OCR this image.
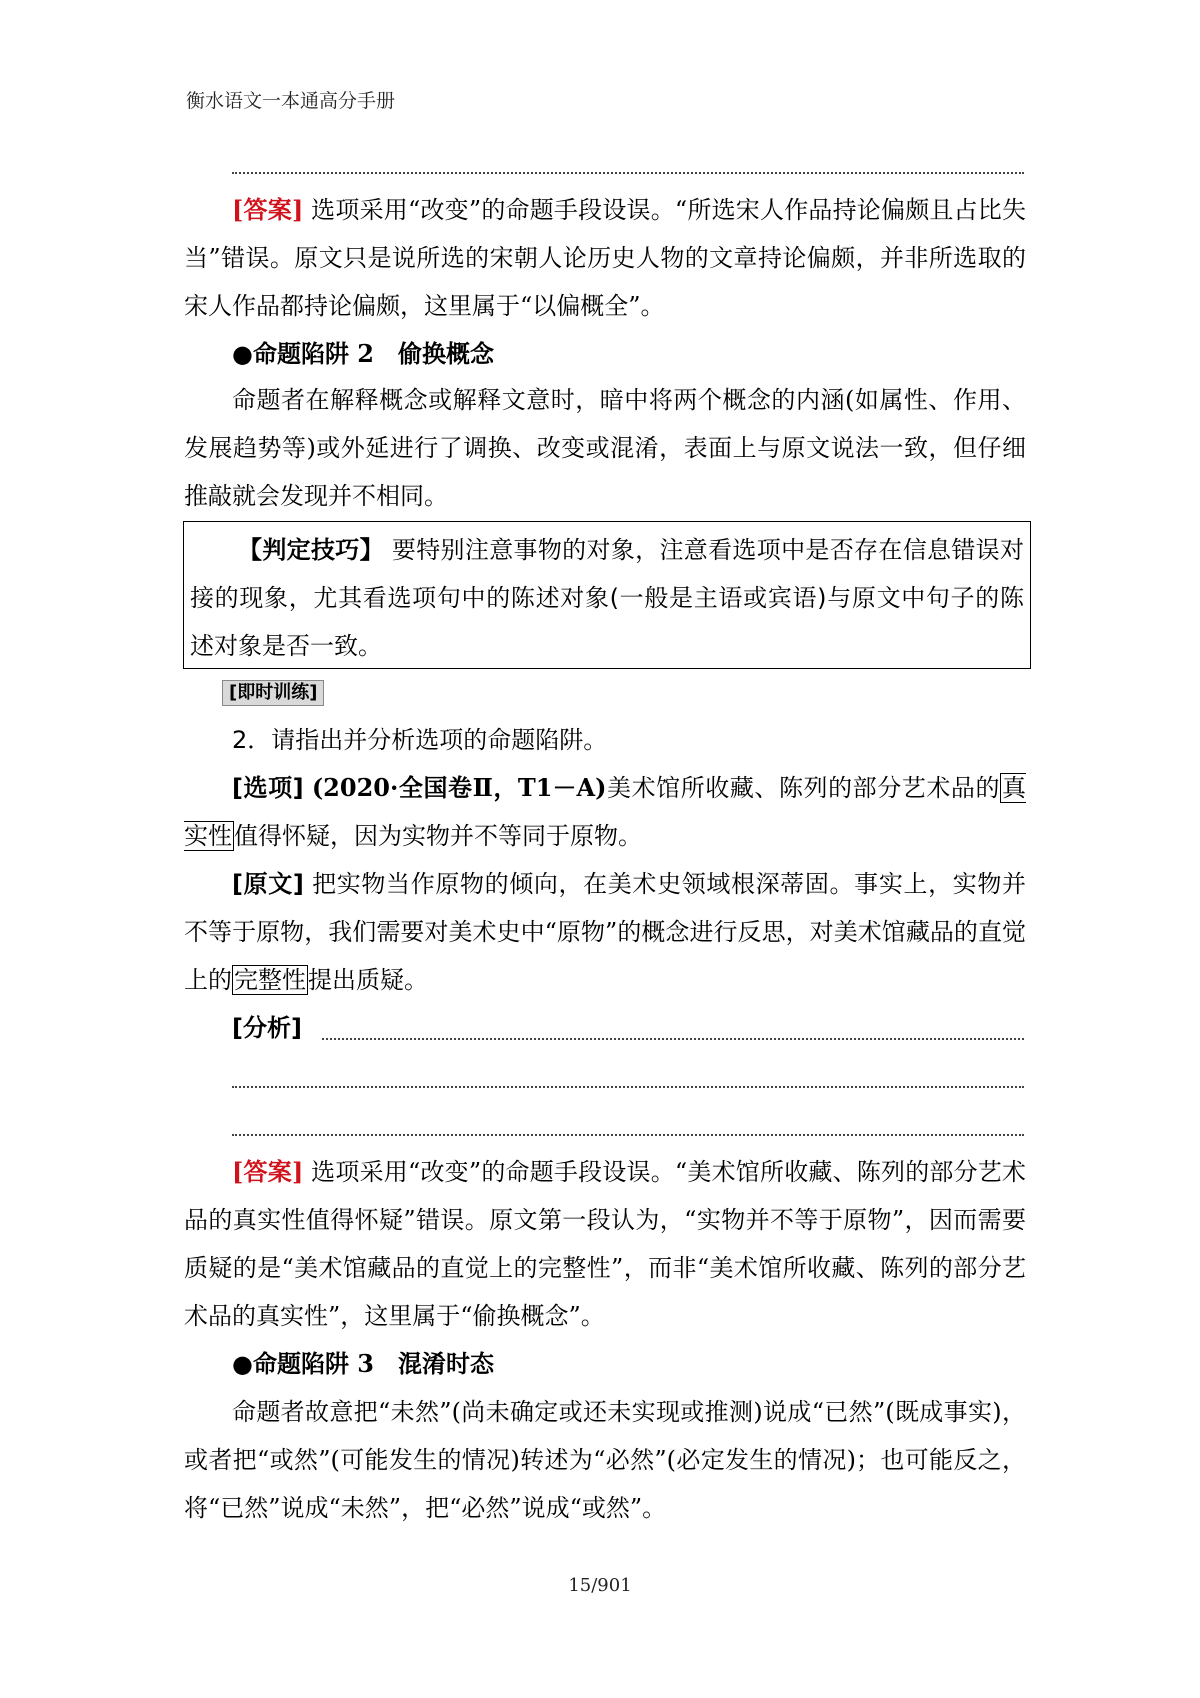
衡水语文一本通高分手册
[答案] 选项采用“改变”的命题手段设误。“所选宋人作品持论偏颇且占比失当”错误。原文只是说所选的宋朝人论历史人物的文章持论偏颇，并非所选取的宋人作品都持论偏颇，这里属于“以偏概全”。
●命题陷阱 2　偷换概念
命题者在解释概念或解释文意时，暗中将两个概念的内涵(如属性、作用、发展趋势等)或外延进行了调换、改变或混淆，表面上与原文说法一致，但仔细推敲就会发现并不相同。
【判定技巧】 要特别注意事物的对象，注意看选项中是否存在信息错误对接的现象，尤其看选项句中的陈述对象(一般是主语或宾语)与原文中句子的陈述对象是否一致。
[即时训练]
2．请指出并分析选项的命题陷阱。
[选项] (2020·全国卷Ⅱ，T1－A)美术馆所收藏、陈列的部分艺术品的真实性值得怀疑，因为实物并不等同于原物。
[原文] 把实物当作原物的倾向，在美术史领域根深蒂固。事实上，实物并不等于原物，我们需要对美术史中“原物”的概念进行反思，对美术馆藏品的直觉上的完整性提出质疑。
[分析]
[答案] 选项采用“改变”的命题手段设误。“美术馆所收藏、陈列的部分艺术品的真实性值得怀疑”错误。原文第一段认为，“实物并不等于原物”，因而需要质疑的是“美术馆藏品的直觉上的完整性”，而非“美术馆所收藏、陈列的部分艺术品的真实性”，这里属于“偷换概念”。
●命题陷阱 3　混淆时态
命题者故意把“未然”(尚未确定或还未实现或推测)说成“已然”(既成事实)，或者把“或然”(可能发生的情况)转述为“必然”(必定发生的情况)；也可能反之，将“已然”说成“未然”，把“必然”说成“或然”。
15/901
